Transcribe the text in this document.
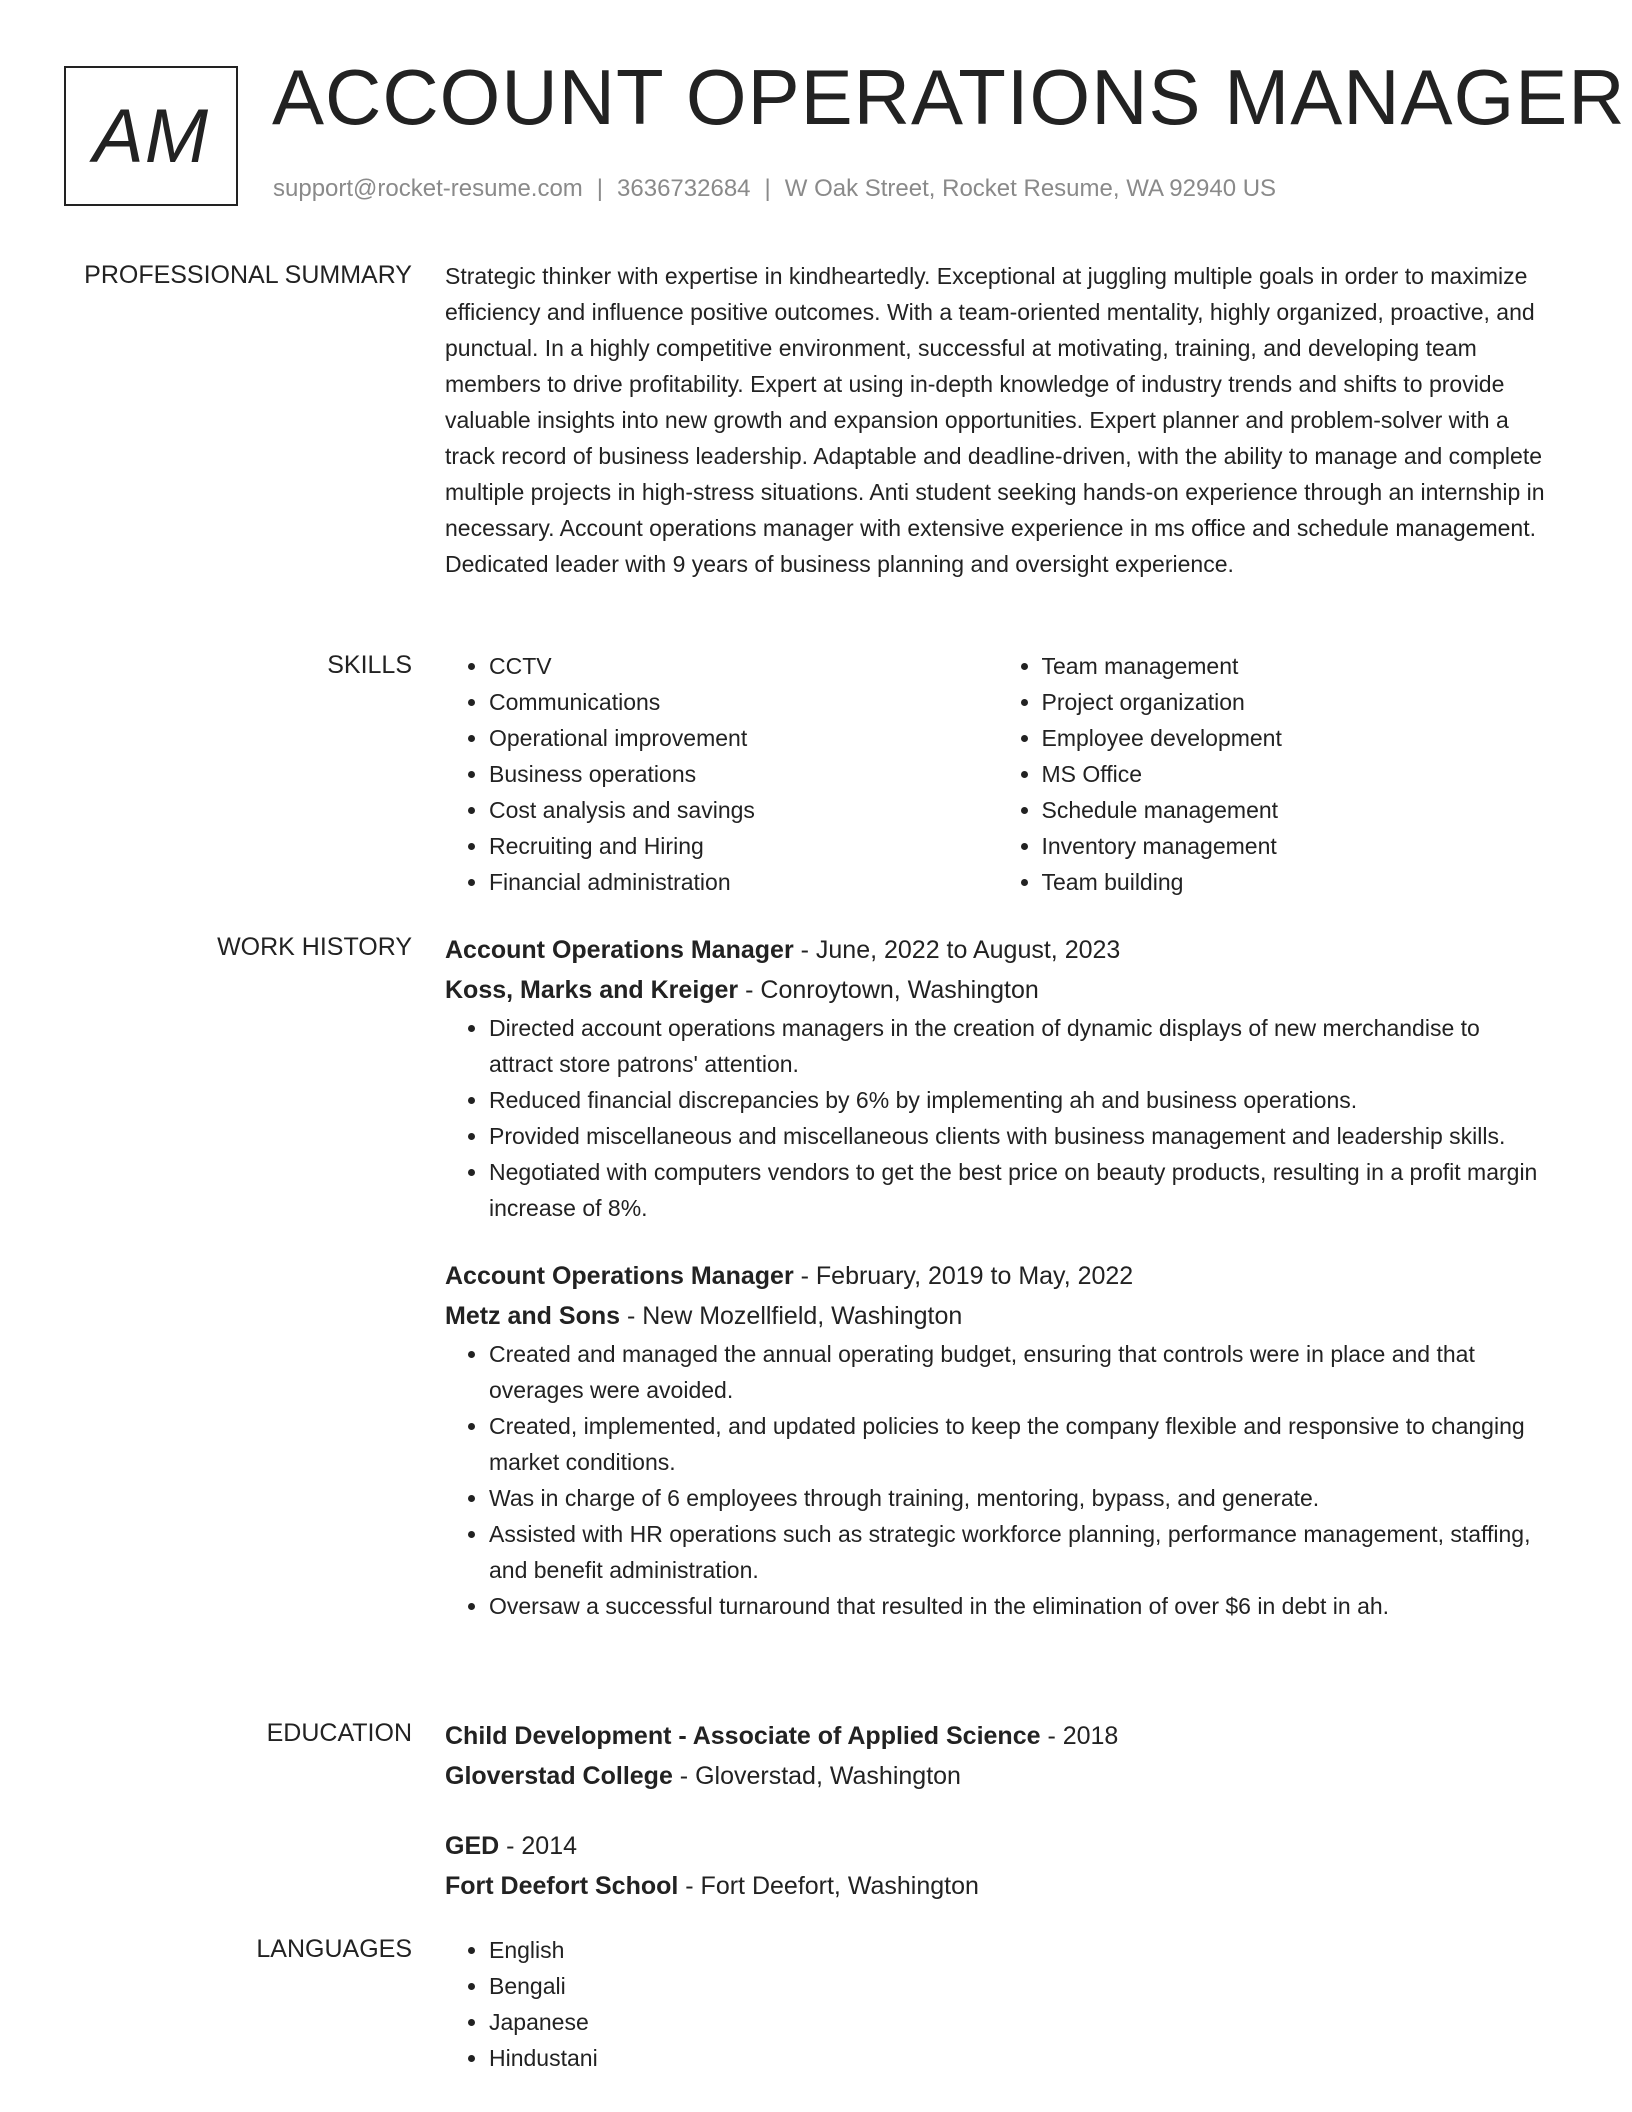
AM ACCOUNT OPERATIONS MANAGER
support@rocket-resume.com | 3636732684 | W Oak Street, Rocket Resume, WA 92940 US
PROFESSIONAL SUMMARY Strategic thinker with expertise in kindheartedly. Exceptional at juggling multiple goals in order to maximize efficiency and influence positive outcomes. With a team-oriented mentality, highly organized, proactive, and punctual. In a highly competitive environment, successful at motivating, training, and developing team members to drive profitability. Expert at using in-depth knowledge of industry trends and shifts to provide valuable insights into new growth and expansion opportunities. Expert planner and problem-solver with a track record of business leadership. Adaptable and deadline-driven, with the ability to manage and complete multiple projects in high-stress situations. Anti student seeking hands-on experience through an internship in necessary. Account operations manager with extensive experience in ms office and schedule management. Dedicated leader with 9 years of business planning and oversight experience.

SKILLS	• CCTV
• Communications
• Operational improvement
• Business operations
• Cost analysis and savings
• Recruiting and Hiring
• Financial administration
• Team management
• Project organization
• Employee development
• MS Office
• Schedule management
• Inventory management
• Team building
WORK HISTORY Account Operations Manager - June, 2022 to August, 2023
Koss, Marks and Kreiger - Conroytown, Washington
• Directed account operations managers in the creation of dynamic displays of new merchandise to attract store patrons' attention.
• Reduced financial discrepancies by 6% by implementing ah and business operations.
• Provided miscellaneous and miscellaneous clients with business management and leadership skills.
• Negotiated with computers vendors to get the best price on beauty products, resulting in a profit margin increase of 8%.
Account Operations Manager - February, 2019 to May, 2022
Metz and Sons - New Mozellfield, Washington
• Created and managed the annual operating budget, ensuring that controls were in place and that overages were avoided.
• Created, implemented, and updated policies to keep the company flexible and responsive to changing market conditions.
• Was in charge of 6 employees through training, mentoring, bypass, and generate.
• Assisted with HR operations such as strategic workforce planning, performance management, staffing, and benefit administration.
• Oversaw a successful turnaround that resulted in the elimination of over $6 in debt in ah.
EDUCATION Child Development - Associate of Applied Science - 2018
Gloverstad College - Gloverstad, Washington
GED - 2014
Fort Deefort School - Fort Deefort, Washington
LANGUAGES	• English
• Bengali
• Japanese
• Hindustani
